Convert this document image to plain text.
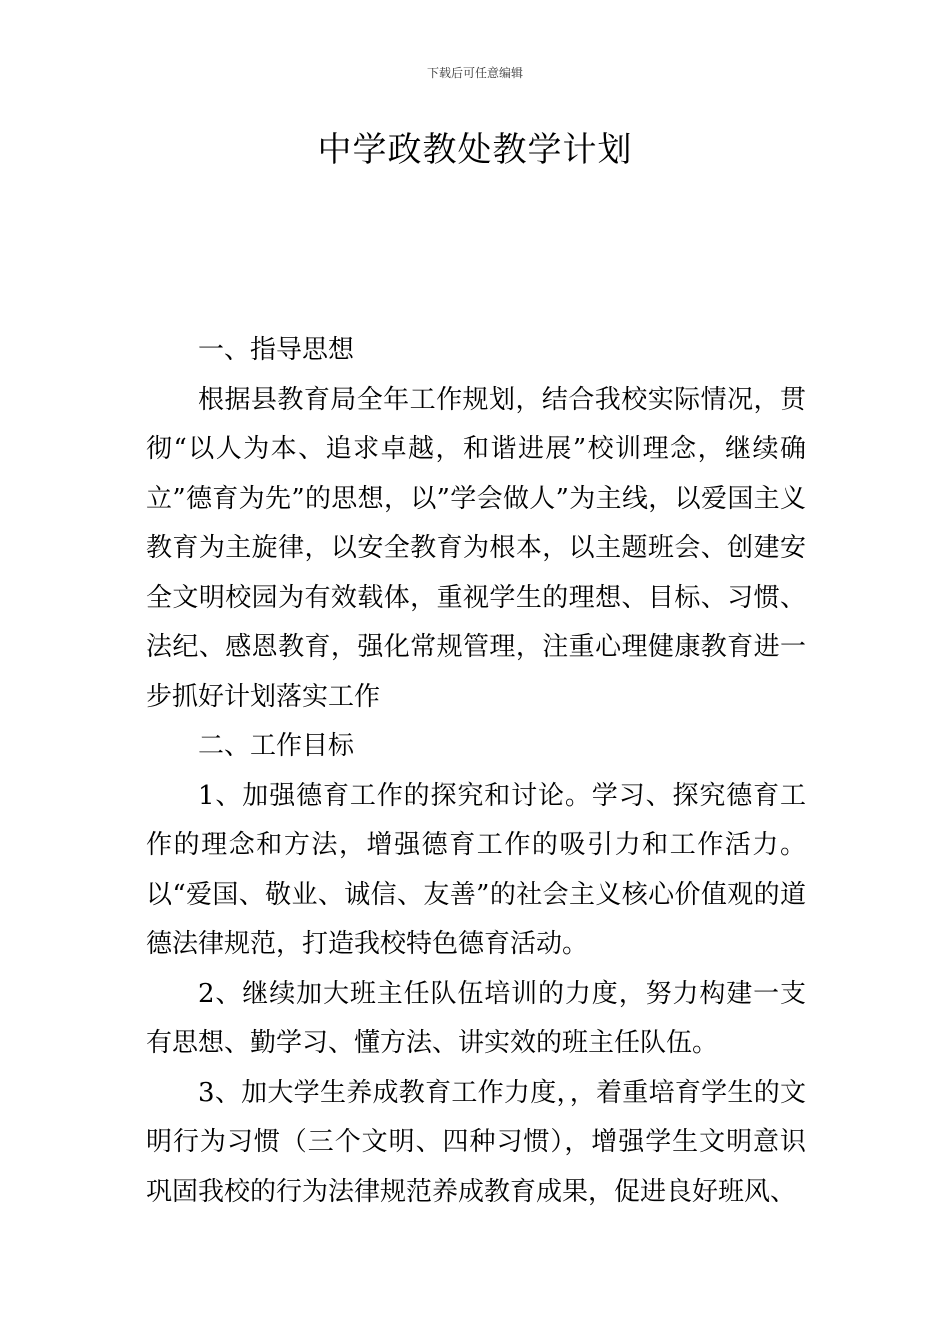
下载后可任意编辑
中学政教处教学计划

一、指导思想

根据县教育局全年工作规划，结合我校实际情况，贯彻“以人为本、追求卓越，和谐进展”校训理念，继续确立”德育为先”的思想，以”学会做人”为主线，以爱国主义教育为主旋律，以安全教育为根本，以主题班会、创建安全文明校园为有效载体，重视学生的理想、目标、习惯、法纪、感恩教育，强化常规管理，注重心理健康教育进一步抓好计划落实工作

二、工作目标

1、加强德育工作的探究和讨论。学习、探究德育工作的理念和方法，增强德育工作的吸引力和工作活力。以“爱国、敬业、诚信、友善”的社会主义核心价值观的道德法律规范，打造我校特色德育活动。

2、继续加大班主任队伍培训的力度，努力构建一支有思想、勤学习、懂方法、讲实效的班主任队伍。

3、加大学生养成教育工作力度，，着重培育学生的文明行为习惯（三个文明、四种习惯），增强学生文明意识巩固我校的行为法律规范养成教育成果，促进良好班风、
